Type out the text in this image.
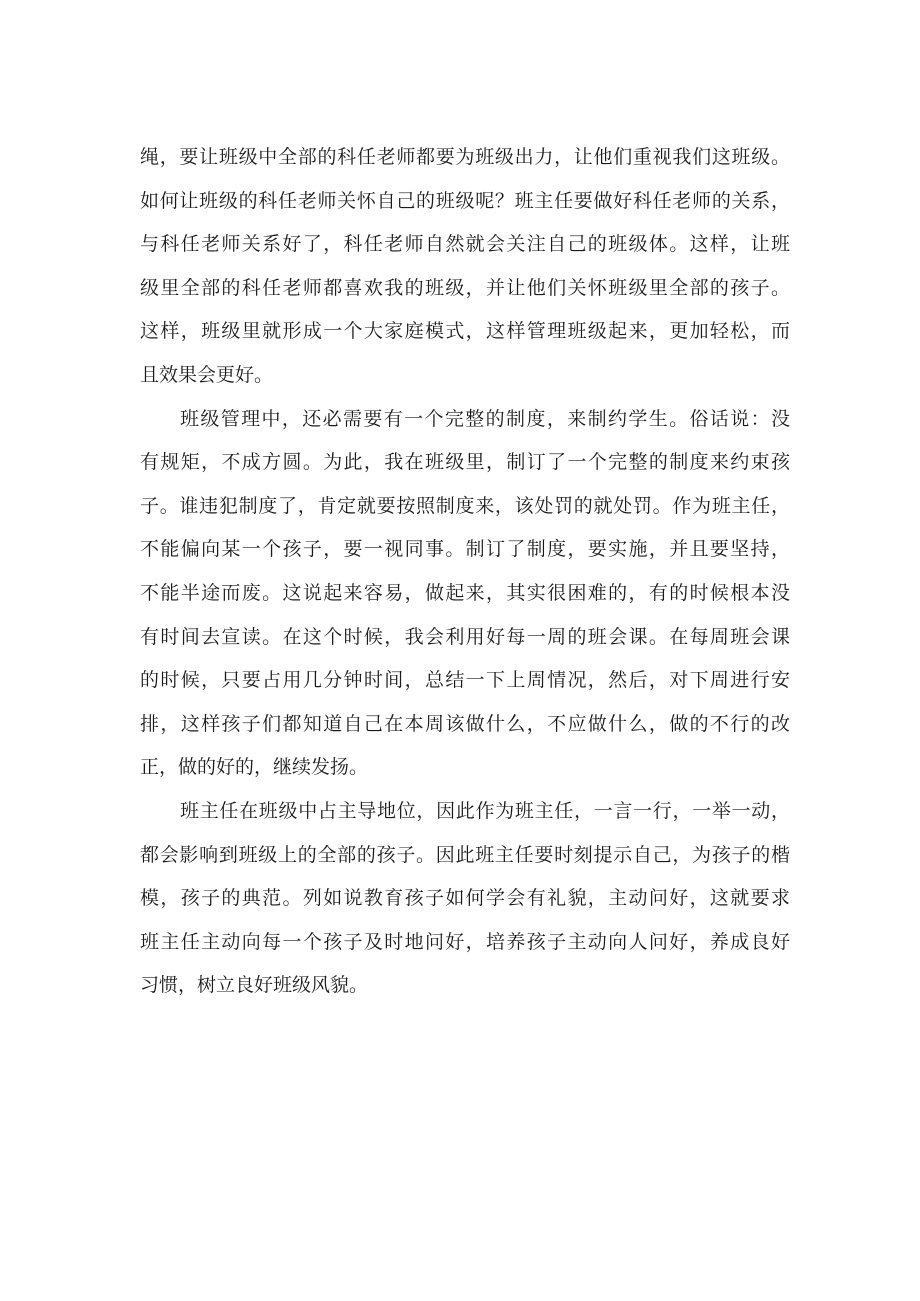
绳，要让班级中全部的科任老师都要为班级出力，让他们重视我们这班级。
如何让班级的科任老师关怀自己的班级呢？班主任要做好科任老师的关系，
与科任老师关系好了，科任老师自然就会关注自己的班级体。这样，让班
级里全部的科任老师都喜欢我的班级，并让他们关怀班级里全部的孩子。
这样，班级里就形成一个大家庭模式，这样管理班级起来，更加轻松，而
且效果会更好。
班级管理中，还必需要有一个完整的制度，来制约学生。俗话说：没
有规矩，不成方圆。为此，我在班级里，制订了一个完整的制度来约束孩
子。谁违犯制度了，肯定就要按照制度来，该处罚的就处罚。作为班主任，
不能偏向某一个孩子，要一视同事。制订了制度，要实施，并且要坚持，
不能半途而废。这说起来容易，做起来，其实很困难的，有的时候根本没
有时间去宣读。在这个时候，我会利用好每一周的班会课。在每周班会课
的时候，只要占用几分钟时间，总结一下上周情况，然后，对下周进行安
排，这样孩子们都知道自己在本周该做什么，不应做什么，做的不行的改
正，做的好的，继续发扬。
班主任在班级中占主导地位，因此作为班主任，一言一行，一举一动，
都会影响到班级上的全部的孩子。因此班主任要时刻提示自己，为孩子的楷
模，孩子的典范。列如说教育孩子如何学会有礼貌，主动问好，这就要求
班主任主动向每一个孩子及时地问好，培养孩子主动向人问好，养成良好
习惯，树立良好班级风貌。
